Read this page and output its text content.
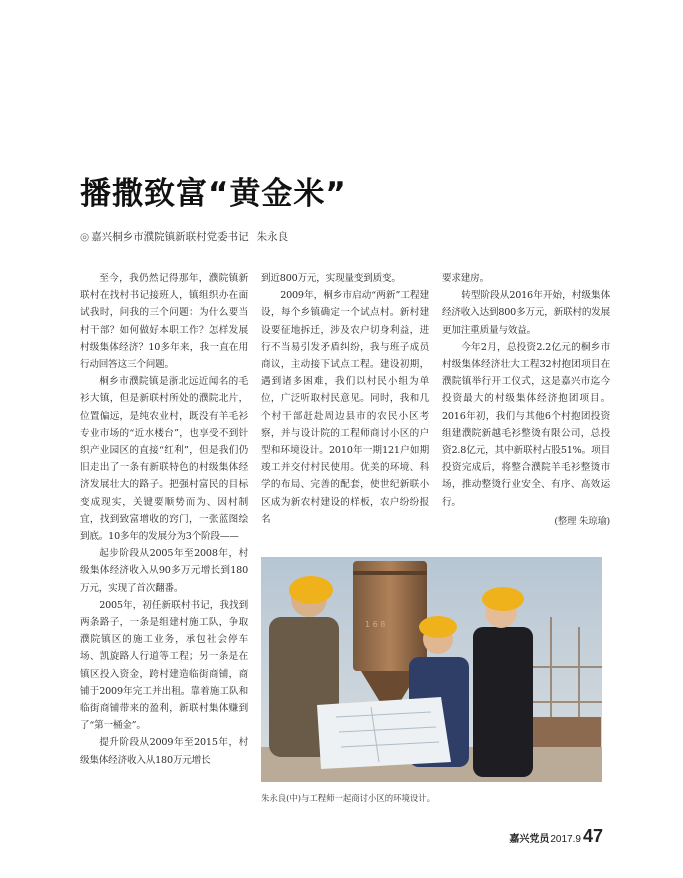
播撒致富“黄金米”
◎ 嘉兴桐乡市濮院镇新联村党委书记 朱永良

至今，我仍然记得那年，濮院镇新联村在找村书记接班人，镇组织办在面试我时，问我的三个问题：为什么要当村干部？如何做好本职工作？怎样发展村级集体经济？10多年来，我一直在用行动回答这三个问题。

桐乡市濮院镇是浙北远近闻名的毛衫大镇，但是新联村所处的濮院北片，位置偏远，是纯农业村，既没有羊毛衫专业市场的“近水楼台”，也享受不到针织产业园区的直接“红利”，但是我们仍旧走出了一条有新联特色的村级集体经济发展壮大的路子。把强村富民的目标变成现实，关键要顺势而为、因村制宜，找到致富增收的窍门，一张蓝图绘到底。10多年的发展分为3个阶段——

起步阶段从2005年至2008年，村级集体经济收入从90多万元增长到180万元，实现了首次翻番。

2005年，初任新联村书记，我找到两条路子，一条是组建村施工队，争取濮院镇区的施工业务，承包社会停车场、凯旋路人行道等工程；另一条是在镇区投入资金，跨村建造临街商铺，商铺于2009年完工并出租。靠着施工队和临街商铺带来的盈利，新联村集体赚到了“第一桶金”。

提升阶段从2009年至2015年，村级集体经济收入从180万元增长

到近800万元，实现量变到质变。

2009年，桐乡市启动“两新”工程建设，每个乡镇确定一个试点村。新村建设要征地拆迁，涉及农户切身利益，进行不当易引发矛盾纠纷，我与班子成员商议，主动接下试点工程。建设初期，遇到诸多困难，我们以村民小组为单位，广泛听取村民意见。同时，我和几个村干部赶赴周边县市的农民小区考察，并与设计院的工程师商讨小区的户型和环境设计。2010年一期121户如期竣工并交付村民使用。优美的环境、科学的布局、完善的配套，使世纪新联小区成为新农村建设的样板，农户纷纷报名

要求建房。

转型阶段从2016年开始，村级集体经济收入达到800多万元，新联村的发展更加注重质量与效益。

今年2月，总投资2.2亿元的桐乡市村级集体经济壮大工程32村抱团项目在濮院镇举行开工仪式，这是嘉兴市迄今投资最大的村级集体经济抱团项目。2016年初，我们与其他6个村抱团投资组建濮院新越毛衫整烫有限公司，总投资2.8亿元，其中新联村占股51%。项目投资完成后，将整合濮院羊毛衫整烫市场，推动整烫行业安全、有序、高效运行。

(整理 朱琼瑜)
1 6 8
朱永良(中)与工程师一起商讨小区的环境设计。
嘉兴党员2017.9 47
